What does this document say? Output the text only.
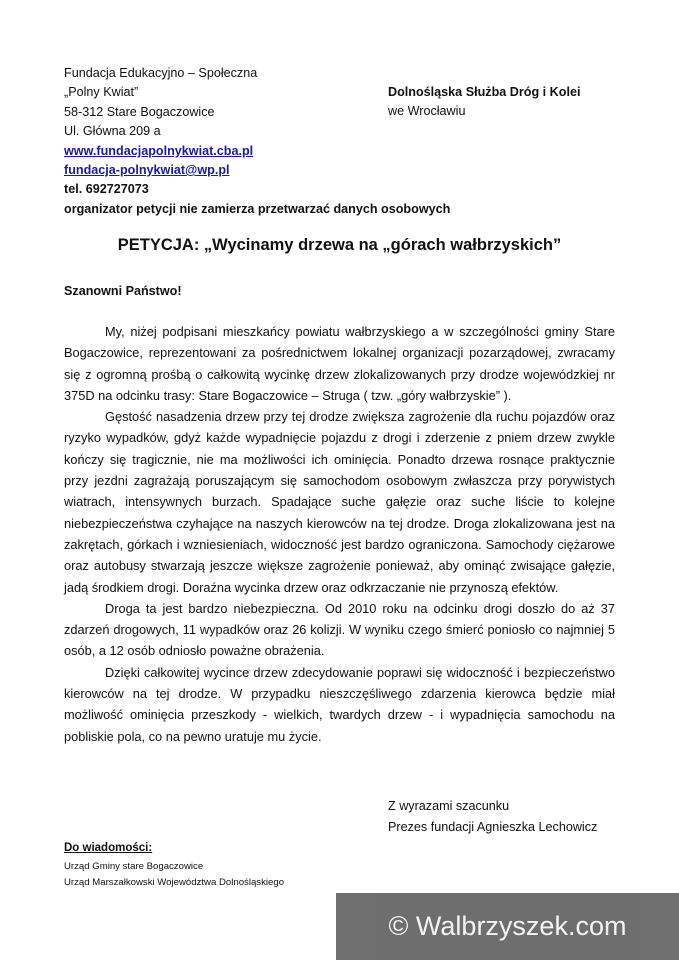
Fundacja Edukacyjno – Społeczna
„Polny Kwiat”
58-312 Stare Bogaczowice
Ul. Główna 209 a
www.fundacjapolnykwiat.cba.pl
fundacja-polnykwiat@wp.pl
tel. 692727073
organizator petycji nie zamierza przetwarzać danych osobowych
Dolnośląska Służba Dróg i Kolei
we Wrocławiu
PETYCJA: „Wycinamy drzewa na „górach wałbrzyskich”
Szanowni Państwo!

My, niżej podpisani mieszkańcy powiatu wałbrzyskiego a w szczególności gminy Stare Bogaczowice, reprezentowani za pośrednictwem lokalnej organizacji pozarządowej, zwracamy się z ogromną prośbą o całkowitą wycinkę drzew zlokalizowanych przy drodze wojewódzkiej nr 375D na odcinku trasy: Stare Bogaczowice – Struga ( tzw. „góry wałbrzyskie” ).

Gęstość nasadzenia drzew przy tej drodze zwiększa zagrożenie dla ruchu pojazdów oraz ryzyko wypadków, gdyż każde wypadnięcie pojazdu z drogi i zderzenie z pniem drzew zwykle kończy się tragicznie, nie ma możliwości ich ominięcia. Ponadto drzewa rosnące praktycznie przy jezdni zagrażają poruszającym się samochodom osobowym zwłaszcza przy porywistych wiatrach, intensywnych burzach. Spadające suche gałęzie oraz suche liście to kolejne niebezpieczeństwa czyhające na naszych kierowców na tej drodze. Droga zlokalizowana jest na zakrętach, górkach i wzniesieniach, widoczność jest bardzo ograniczona. Samochody ciężarowe oraz autobusy stwarzają jeszcze większe zagrożenie ponieważ, aby ominąć zwisające gałęzie, jadą środkiem drogi. Doraźna wycinka drzew oraz odkrzaczanie nie przynoszą efektów.

Droga ta jest bardzo niebezpieczna. Od 2010 roku na odcinku drogi doszło do aż 37 zdarzeń drogowych, 11 wypadków oraz 26 kolizji. W wyniku czego śmierć poniosło co najmniej 5 osób, a 12 osób odniosło poważne obrażenia.

Dzięki całkowitej wycince drzew zdecydowanie poprawi się widoczność i bezpieczeństwo kierowców na tej drodze. W przypadku nieszczęśliwego zdarzenia kierowca będzie miał możliwość ominięcia przeszkody - wielkich, twardych drzew - i wypadnięcia samochodu na pobliskie pola, co na pewno uratuje mu życie.

Z wyrazami szacunku
Prezes fundacji Agnieszka Lechowicz
Do wiadomości:
Urząd Gminy stare Bogaczowice
Urząd Marszałkowski Województwa Dolnośląskiego
© Walbrzyszek.com
